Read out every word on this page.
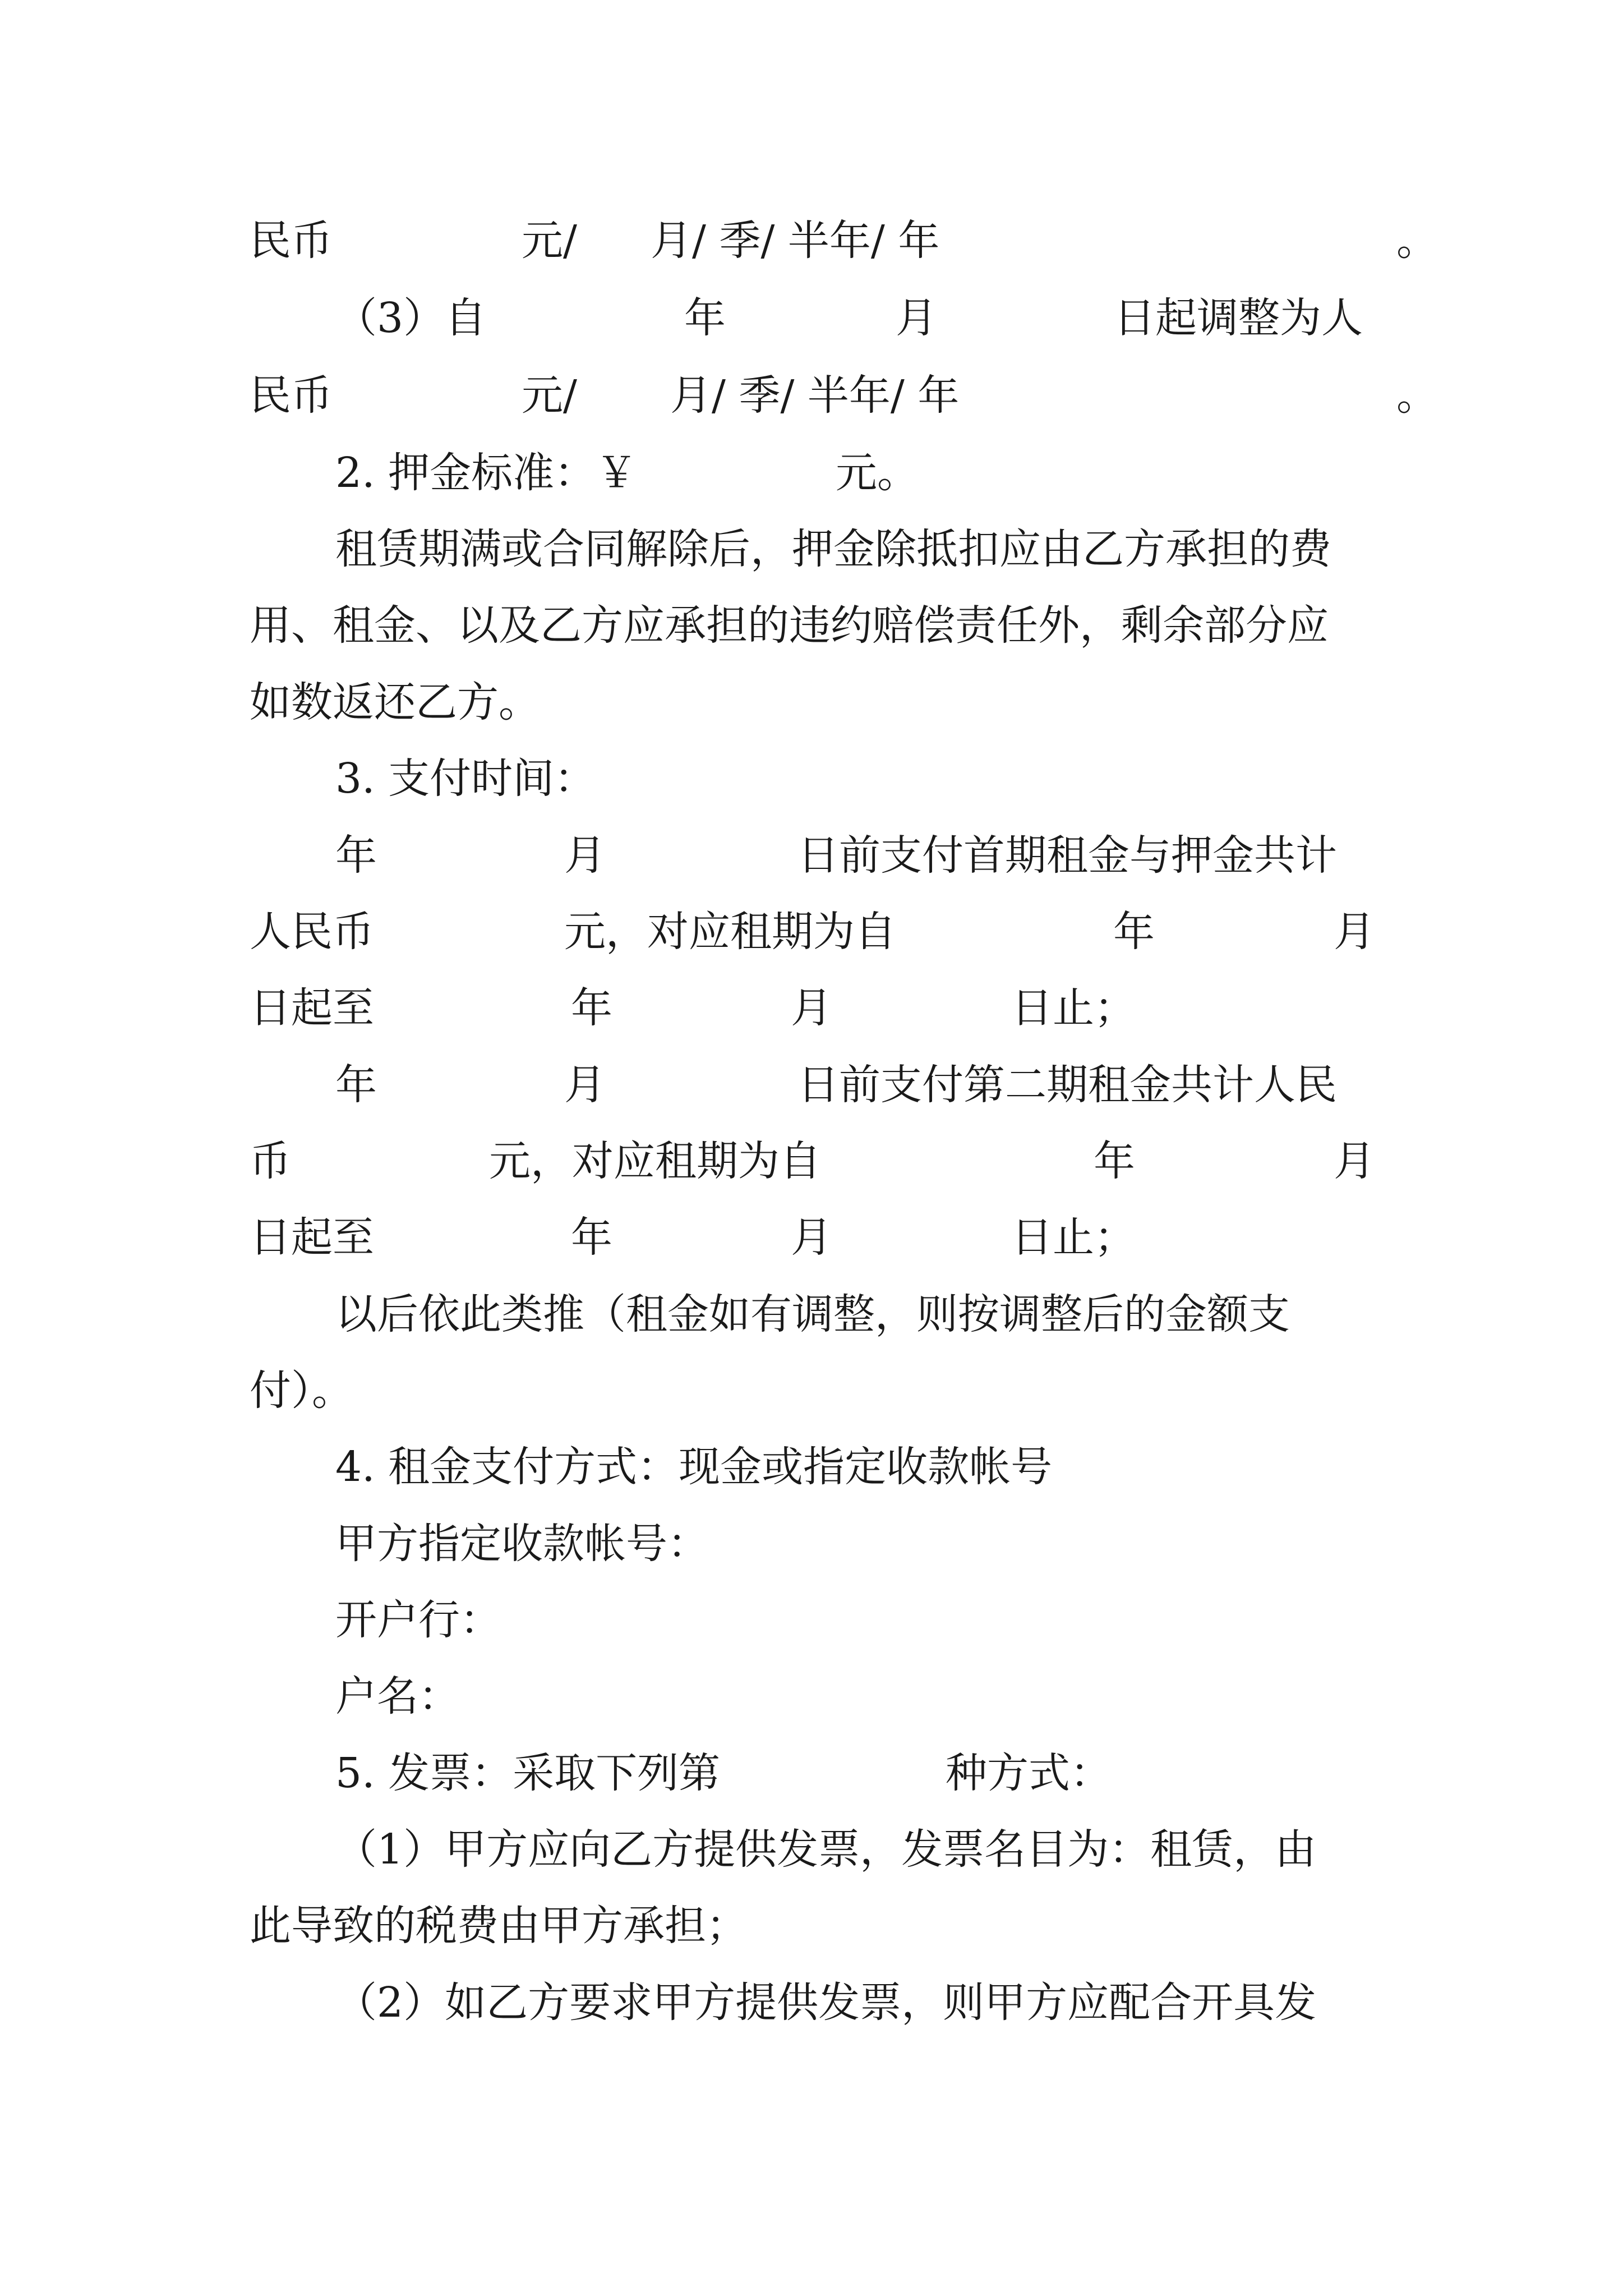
民币	元/ 月/ 季/ 半年/ 年	。
（3）自	年	月	日起调整为人
民币	元/ 月/ 季/ 半年/ 年	。
2. 押金标准：￥	元。
租赁期满或合同解除后，押金除抵扣应由乙方承担的费
用、租金、以及乙方应承担的违约赔偿责任外，剩余部分应
如数返还乙方。
3. 支付时间：
年	月	日前支付首期租金与押金共计
人民币	元，对应租期为自	年	月
日起至	年	月	日止；
年	月	日前支付第二期租金共计人民
币	元，对应租期为自	年	月
日起至	年	月	日止；
以后依此类推（租金如有调整，则按调整后的金额支
付）。
4. 租金支付方式：现金或指定收款帐号
甲方指定收款帐号：
开户行：
户名：
5. 发票：采取下列第	种方式：
（1）甲方应向乙方提供发票，发票名目为：租赁，由
此导致的税费由甲方承担；
（2）如乙方要求甲方提供发票，则甲方应配合开具发
